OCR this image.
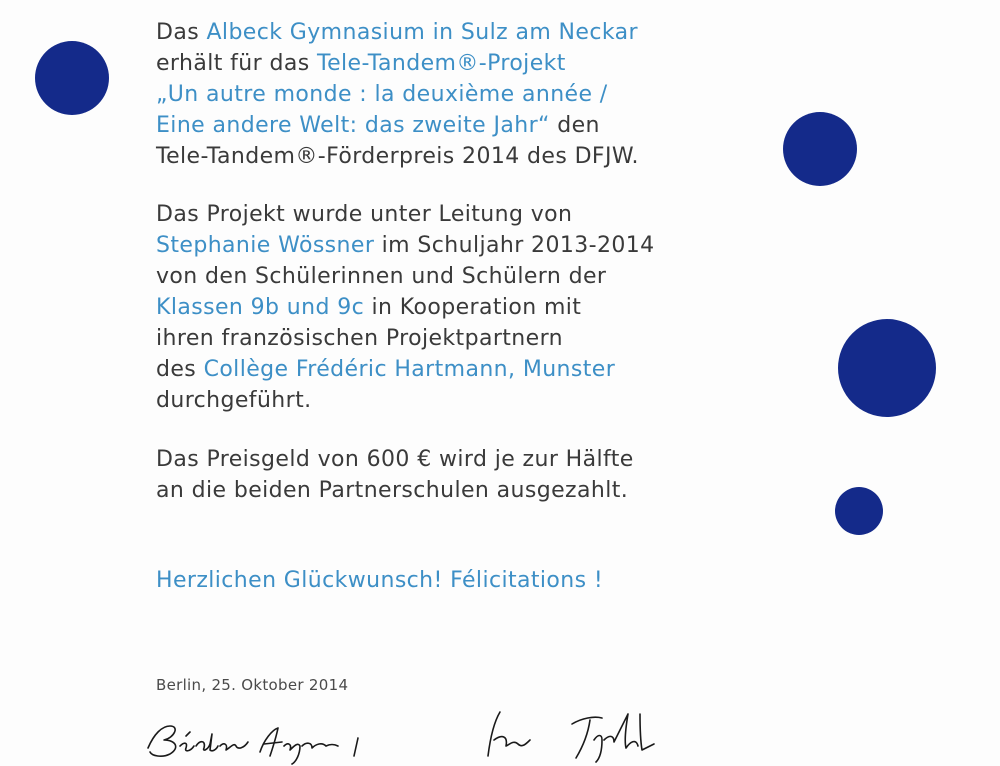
Das Albeck Gymnasium in Sulz am Neckar
erhält für das Tele-Tandem®-Projekt
„Un autre monde : la deuxième année /
Eine andere Welt: das zweite Jahr“ den
Tele-Tandem®-Förderpreis 2014 des DFJW.
Das Projekt wurde unter Leitung von
Stephanie Wössner im Schuljahr 2013-2014
von den Schülerinnen und Schülern der
Klassen 9b und 9c in Kooperation mit
ihren französischen Projektpartnern
des Collège Frédéric Hartmann, Munster
durchgeführt.
Das Preisgeld von 600 € wird je zur Hälfte
an die beiden Partnerschulen ausgezahlt.
Herzlichen Glückwunsch! Félicitations !
Berlin, 25. Oktober 2014
